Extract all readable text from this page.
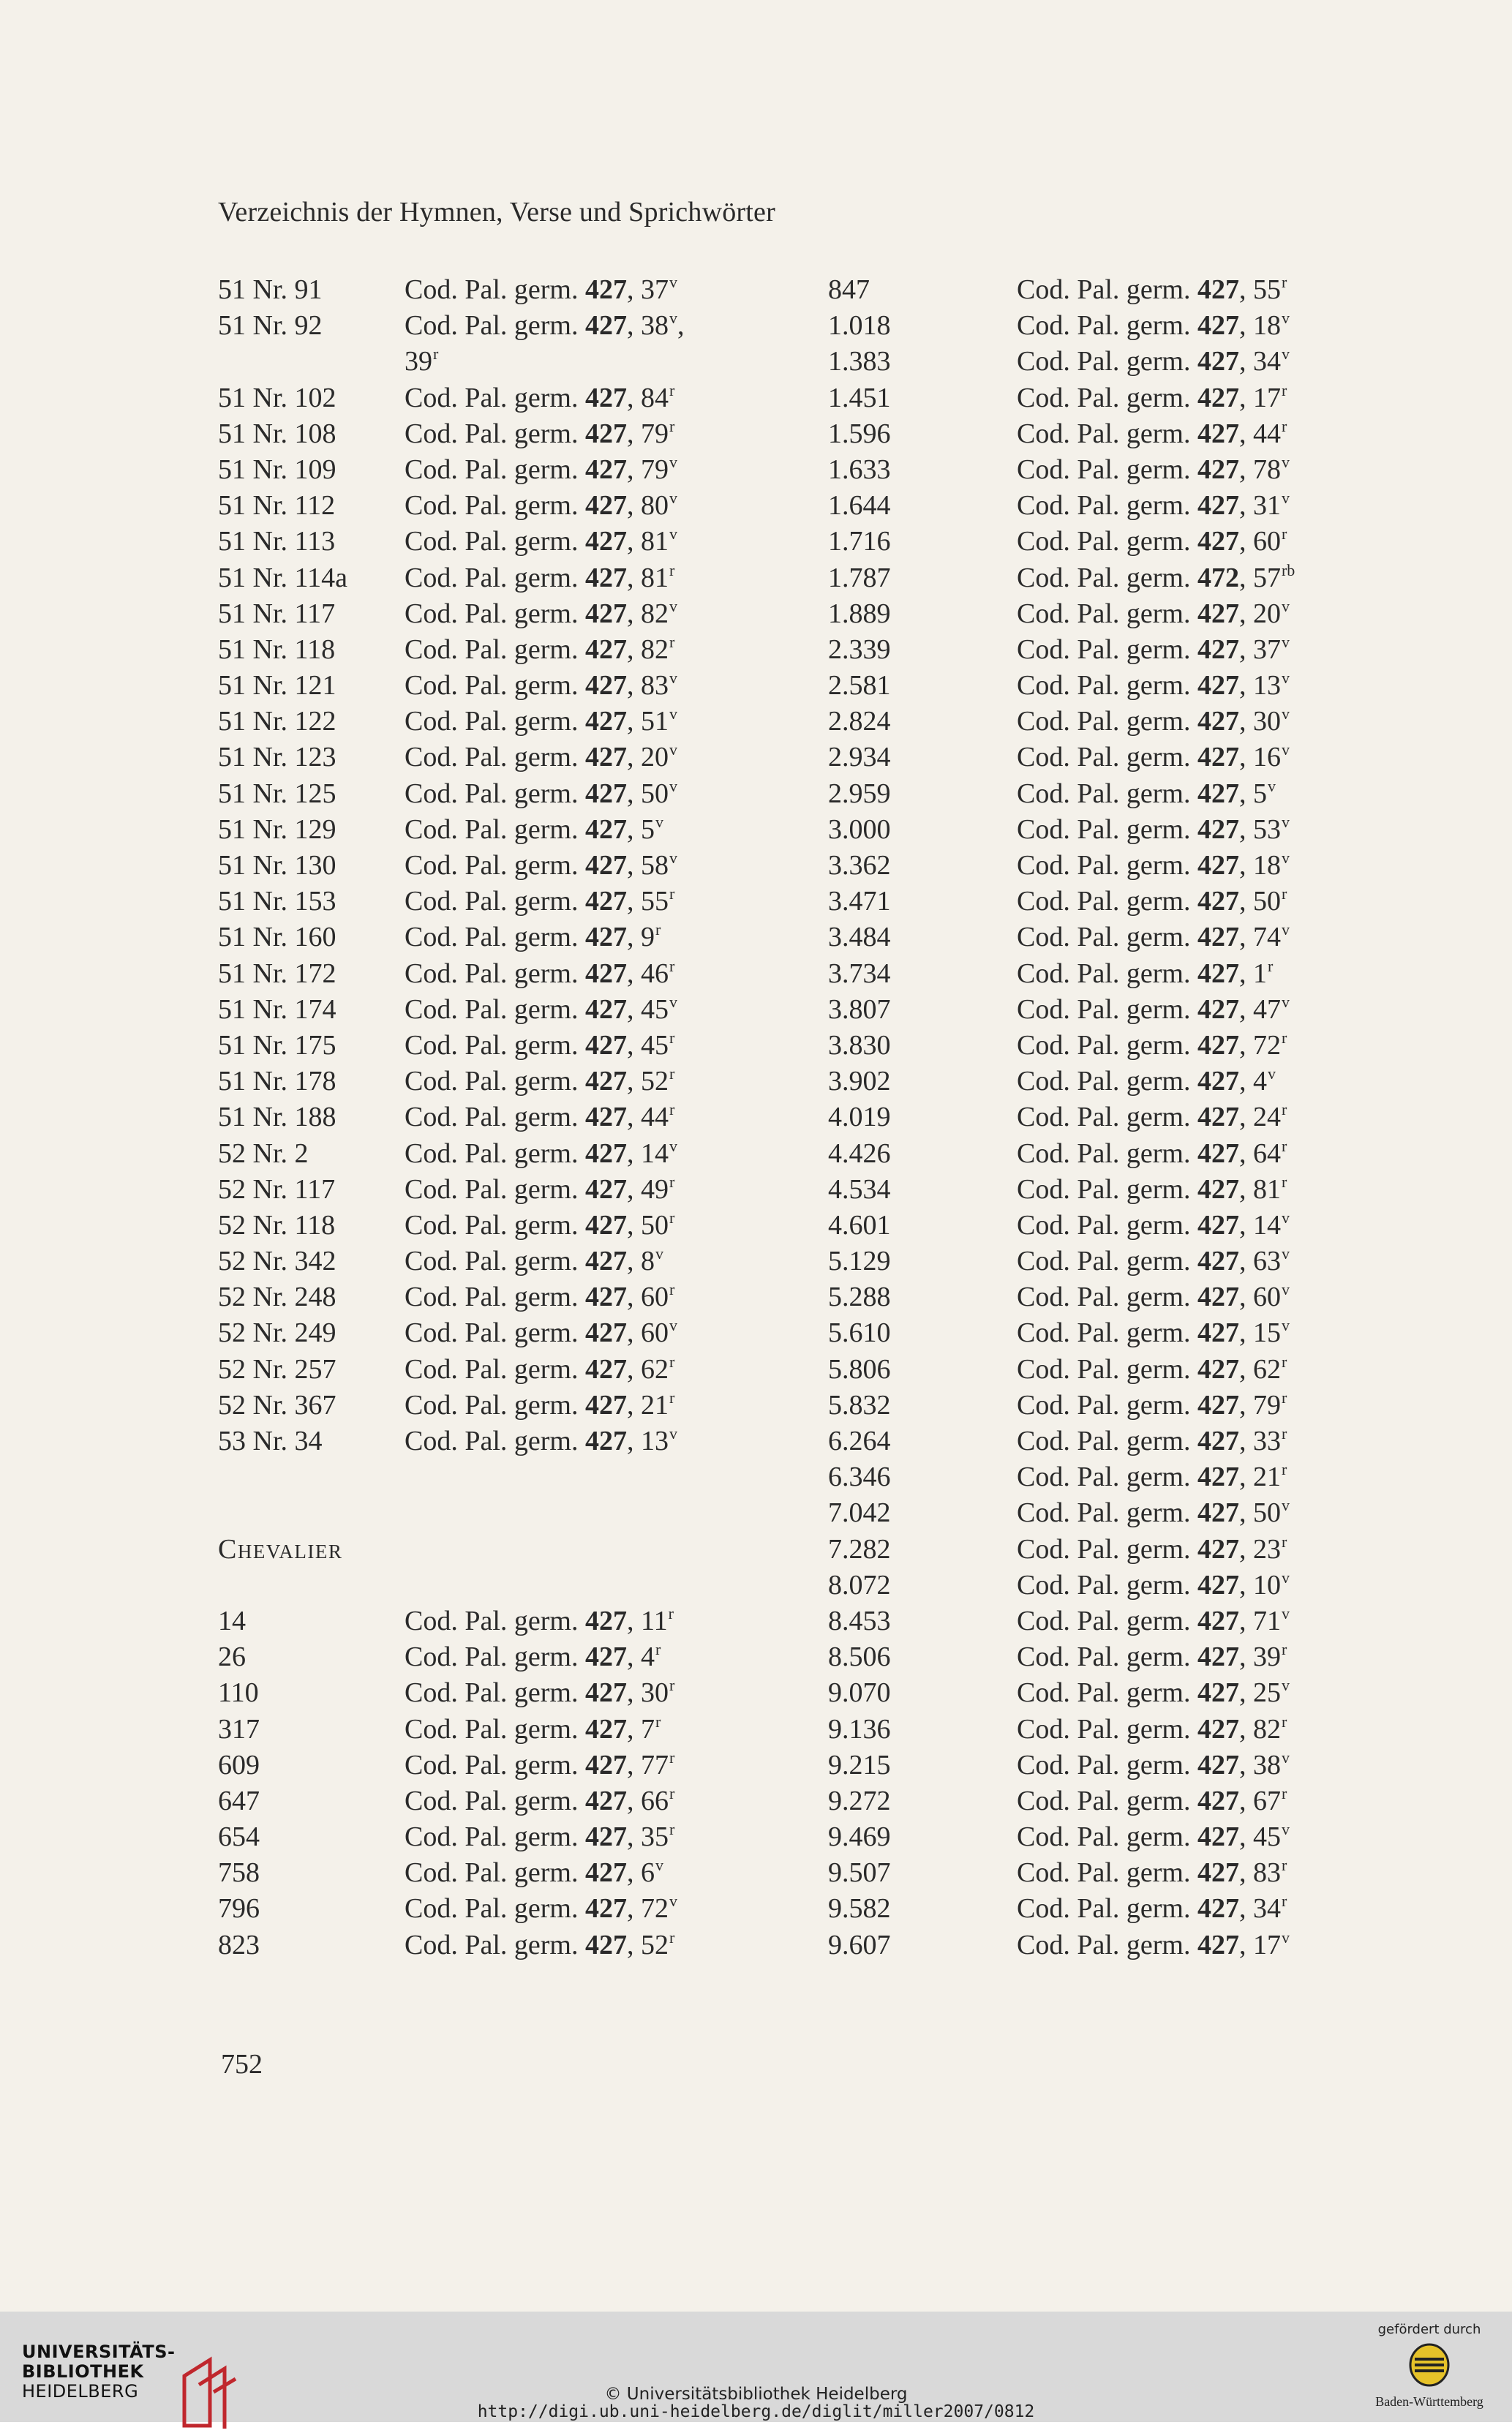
Verzeichnis der Hymnen, Verse und Sprichwörter
51 Nr. 91	Cod. Pal. germ. 427, 37$^v$
51 Nr. 92	Cod. Pal. germ. 427, 38$^v$,
39$^r$
51 Nr. 102 Cod. Pal. germ. 427, 84$^r$
51 Nr. 108 Cod. Pal. germ. 427, 79$^r$
51 Nr. 109 Cod. Pal. germ. 427, 79$^v$
51 Nr. 112 Cod. Pal. germ. 427, 80$^v$
51 Nr. 113 Cod. Pal. germ. 427, 81$^v$
51 Nr. 114a Cod. Pal. germ. 427, 81$^r$
51 Nr. 117 Cod. Pal. germ. 427, 82$^v$
51 Nr. 118 Cod. Pal. germ. 427, 82$^r$
51 Nr. 121 Cod. Pal. germ. 427, 83$^v$
51 Nr. 122 Cod. Pal. germ. 427, 51$^v$
51 Nr. 123 Cod. Pal. germ. 427, 20$^v$
51 Nr. 125 Cod. Pal. germ. 427, 50$^v$
51 Nr. 129 Cod. Pal. germ. 427, 5$^v$
51 Nr. 130 Cod. Pal. germ. 427, 58$^v$
51 Nr. 153 Cod. Pal. germ. 427, 55$^r$
51 Nr. 160 Cod. Pal. germ. 427, 9$^r$
51 Nr. 172 Cod. Pal. germ. 427, 46$^r$
51 Nr. 174 Cod. Pal. germ. 427, 45$^v$
51 Nr. 175 Cod. Pal. germ. 427, 45$^r$
51 Nr. 178 Cod. Pal. germ. 427, 52$^r$
51 Nr. 188 Cod. Pal. germ. 427, 44$^r$
52 Nr. 2	Cod. Pal. germ. 427, 14$^v$
52 Nr. 117 Cod. Pal. germ. 427, 49$^r$
52 Nr. 118 Cod. Pal. germ. 427, 50$^r$
52 Nr. 342 Cod. Pal. germ. 427, 8$^v$
52 Nr. 248 Cod. Pal. germ. 427, 60$^r$
52 Nr. 249 Cod. Pal. germ. 427, 60$^v$
52 Nr. 257 Cod. Pal. germ. 427, 62$^r$
52 Nr. 367 Cod. Pal. germ. 427, 21$^r$
53 Nr. 34	Cod. Pal. germ. 427, 13$^v$
Chevalier
14	Cod. Pal. germ. 427, 11$^r$
26	Cod. Pal. germ. 427, 4$^r$
110	Cod. Pal. germ. 427, 30$^r$
317	Cod. Pal. germ. 427, 7$^r$
609	Cod. Pal. germ. 427, 77$^r$
647	Cod. Pal. germ. 427, 66$^r$
654	Cod. Pal. germ. 427, 35$^r$
758	Cod. Pal. germ. 427, 6$^v$
796	Cod. Pal. germ. 427, 72$^v$
823	Cod. Pal. germ. 427, 52$^r$
847	Cod. Pal. germ. 427, 55$^r$
1.018	Cod. Pal. germ. 427, 18$^v$
1.383	Cod. Pal. germ. 427, 34$^v$
1.451	Cod. Pal. germ. 427, 17$^r$
1.596	Cod. Pal. germ. 427, 44$^r$
1.633	Cod. Pal. germ. 427, 78$^v$
1.644	Cod. Pal. germ. 427, 31$^v$
1.716	Cod. Pal. germ. 427, 60$^r$
1.787	Cod. Pal. germ. 472, $57^{rb}$
1.889	Cod. Pal. germ. 427, 20$^v$
2.339	Cod. Pal. germ. 427, 37$^v$
2.581	Cod. Pal. germ. 427, 13$^v$
2.824	Cod. Pal. germ. 427, 30$^v$
2.934	Cod. Pal. germ. 427, 16$^v$
2.959	Cod. Pal. germ. 427, 5$^v$
3.000	Cod. Pal. germ. 427, 53$^v$
3.362	Cod. Pal. germ. 427, 18$^v$
3.471	Cod. Pal. germ. 427, 50$^r$
3.484	Cod. Pal. germ. 427, 74$^v$
3.734	Cod. Pal. germ. 427, 1$^r$
3.807	Cod. Pal. germ. 427, 47$^v$
3.830	Cod. Pal. germ. 427, 72$^r$
3.902	Cod. Pal. germ. 427, 4$^v$
4.019	Cod. Pal. germ. 427, 24$^r$
4.426	Cod. Pal. germ. 427, 64$^r$
4.534	Cod. Pal. germ. 427, 81$^r$
4.601	Cod. Pal. germ. 427, 14$^v$
5.129	Cod. Pal. germ. 427, 63$^v$
5.288	Cod. Pal. germ. 427, 60$^v$
5.610	Cod. Pal. germ. 427, 15$^v$
5.806	Cod. Pal. germ. 427, 62$^r$
5.832	Cod. Pal. germ. 427, 79$^r$
6.264	Cod. Pal. germ. 427, 33$^r$
6.346	Cod. Pal. germ. 427, 21$^r$
7.042	Cod. Pal. germ. 427, 50$^v$
7.282	Cod. Pal. germ. 427, 23$^r$
8.072	Cod. Pal. germ. 427, 10$^v$
8.453	Cod. Pal. germ. 427, 71$^v$
8.506	Cod. Pal. germ. 427, 39$^r$
9.070	Cod. Pal. germ. 427, 25$^v$
9.136	Cod. Pal. germ. 427, 82$^r$
9.215	Cod. Pal. germ. 427, 38$^v$
9.272	Cod. Pal. germ. 427, 67$^r$
9.469	Cod. Pal. germ. 427, 45$^v$
9.507	Cod. Pal. germ. 427, 83$^r$
9.582	Cod. Pal. germ. 427, 34$^r$
9.607	Cod. Pal. germ. 427, 17$^v$
752
UNIVERSITÄTS-
BIBLIOTHEK
HEIDELBERG	© Universitätsbibliothek Heidelberg
http://digi.ub.uni-heidelberg.de/diglit/miller2007/0812
gefördert durch
Baden-Württemberg
